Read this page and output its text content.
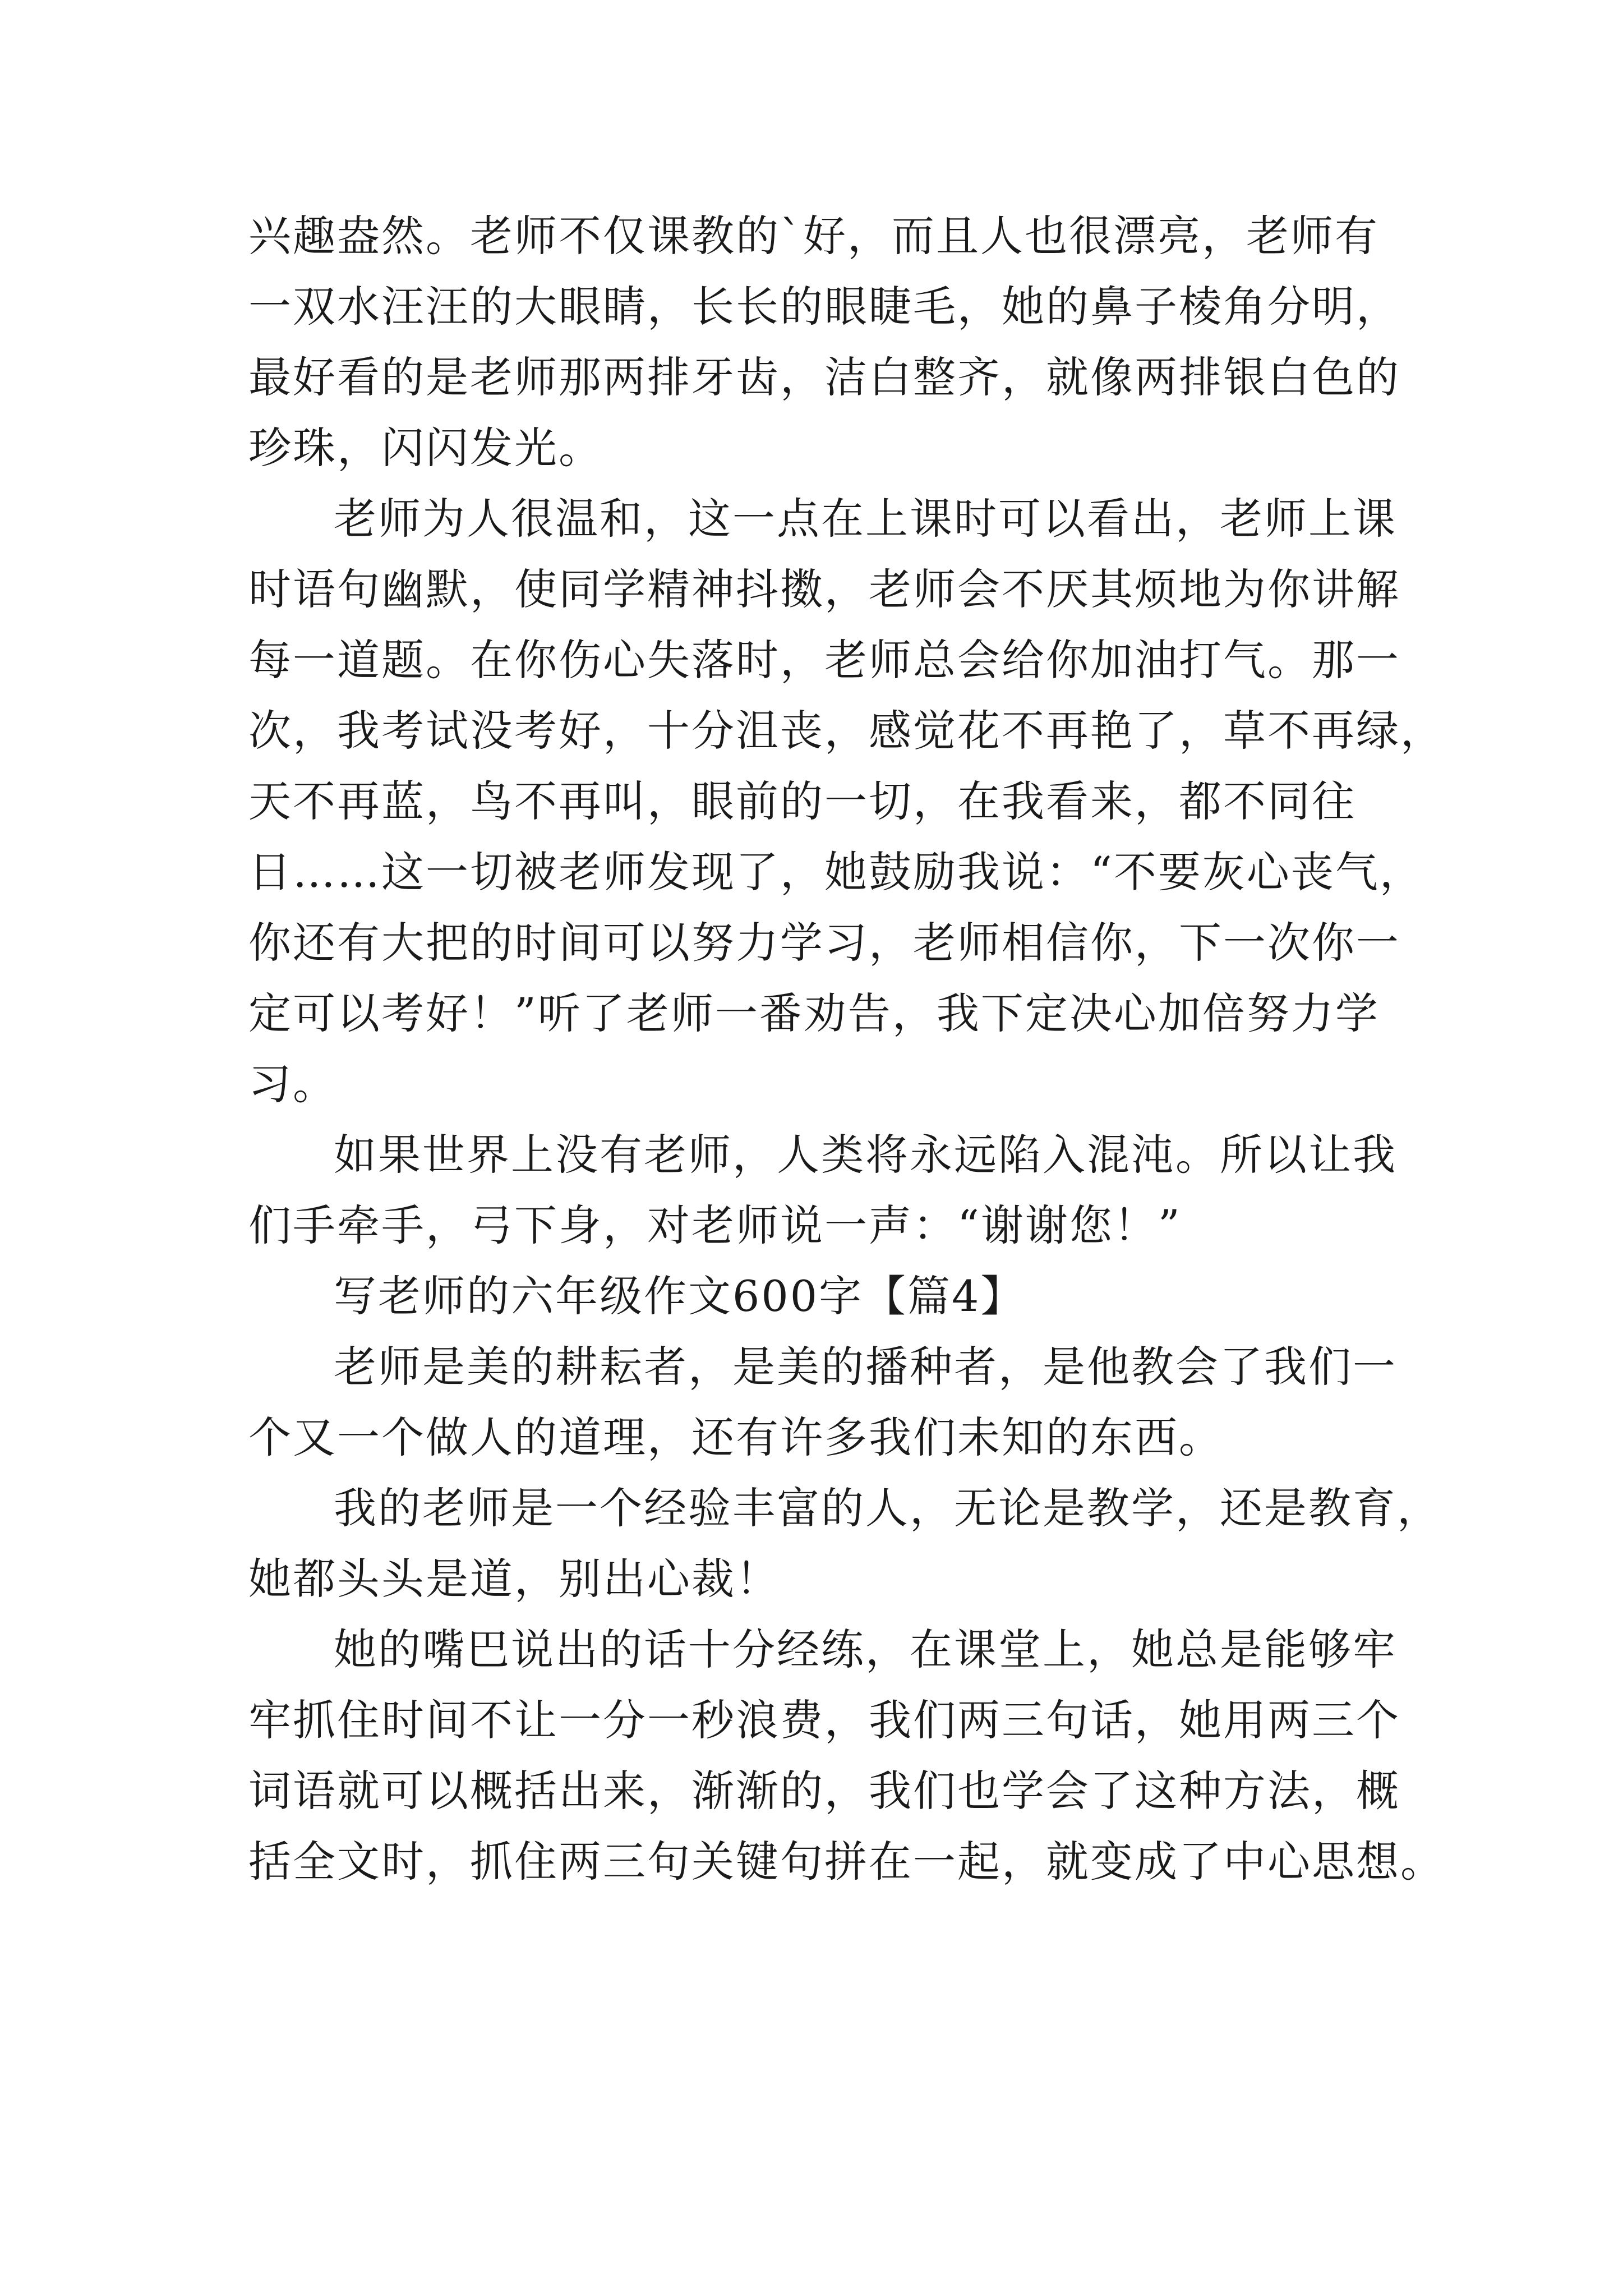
兴趣盎然。老师不仅课教的`好，而且人也很漂亮，老师有
一双水汪汪的大眼睛，长长的眼睫毛，她的鼻子棱角分明，
最好看的是老师那两排牙齿，洁白整齐，就像两排银白色的
珍珠，闪闪发光。
老师为人很温和，这一点在上课时可以看出，老师上课
时语句幽默，使同学精神抖擞，老师会不厌其烦地为你讲解
每一道题。在你伤心失落时，老师总会给你加油打气。那一
次，我考试没考好，十分沮丧，感觉花不再艳了，草不再绿，
天不再蓝，鸟不再叫，眼前的一切，在我看来，都不同往
日……这一切被老师发现了，她鼓励我说：“不要灰心丧气，
你还有大把的时间可以努力学习，老师相信你，下一次你一
定可以考好！”听了老师一番劝告，我下定决心加倍努力学
习。
如果世界上没有老师，人类将永远陷入混沌。所以让我
们手牵手，弓下身，对老师说一声：“谢谢您！”
写老师的六年级作文600字【篇4】
老师是美的耕耘者，是美的播种者，是他教会了我们一
个又一个做人的道理，还有许多我们未知的东西。
我的老师是一个经验丰富的人，无论是教学，还是教育，
她都头头是道，别出心裁！
她的嘴巴说出的话十分经练，在课堂上，她总是能够牢
牢抓住时间不让一分一秒浪费，我们两三句话，她用两三个
词语就可以概括出来，渐渐的，我们也学会了这种方法，概
括全文时，抓住两三句关键句拼在一起，就变成了中心思想。
